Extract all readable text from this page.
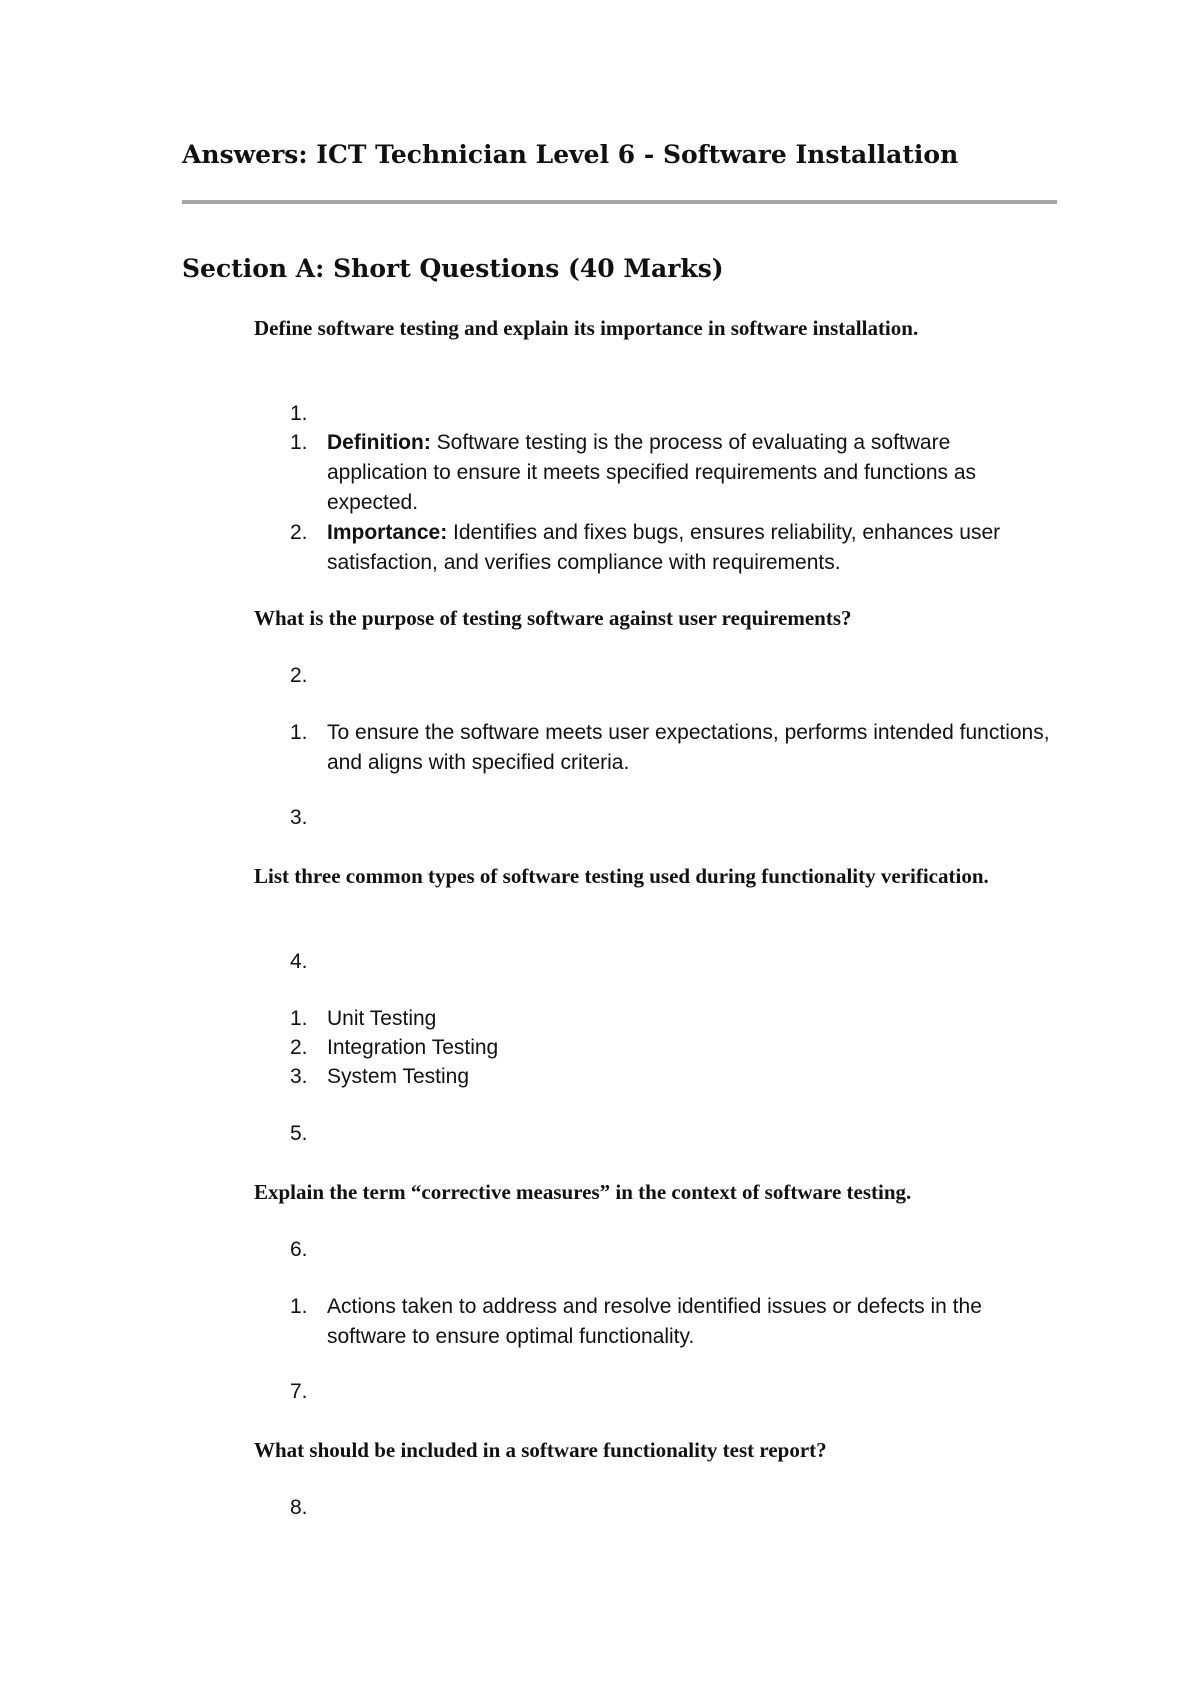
Answers: ICT Technician Level 6 - Software Installation
Section A: Short Questions (40 Marks)

Define software testing and explain its importance in software installation.

1.
1. Definition: Software testing is the process of evaluating a software application to ensure it meets specified requirements and functions as expected.
2. Importance: Identifies and fixes bugs, ensures reliability, enhances user satisfaction, and verifies compliance with requirements.

What is the purpose of testing software against user requirements?

2.
1. To ensure the software meets user expectations, performs intended functions, and aligns with specified criteria.
3.

List three common types of software testing used during functionality verification.

4.
1. Unit Testing
2. Integration Testing
3. System Testing
5.

Explain the term “corrective measures” in the context of software testing.

6.
1. Actions taken to address and resolve identified issues or defects in the software to ensure optimal functionality.
7.

What should be included in a software functionality test report?

8.
